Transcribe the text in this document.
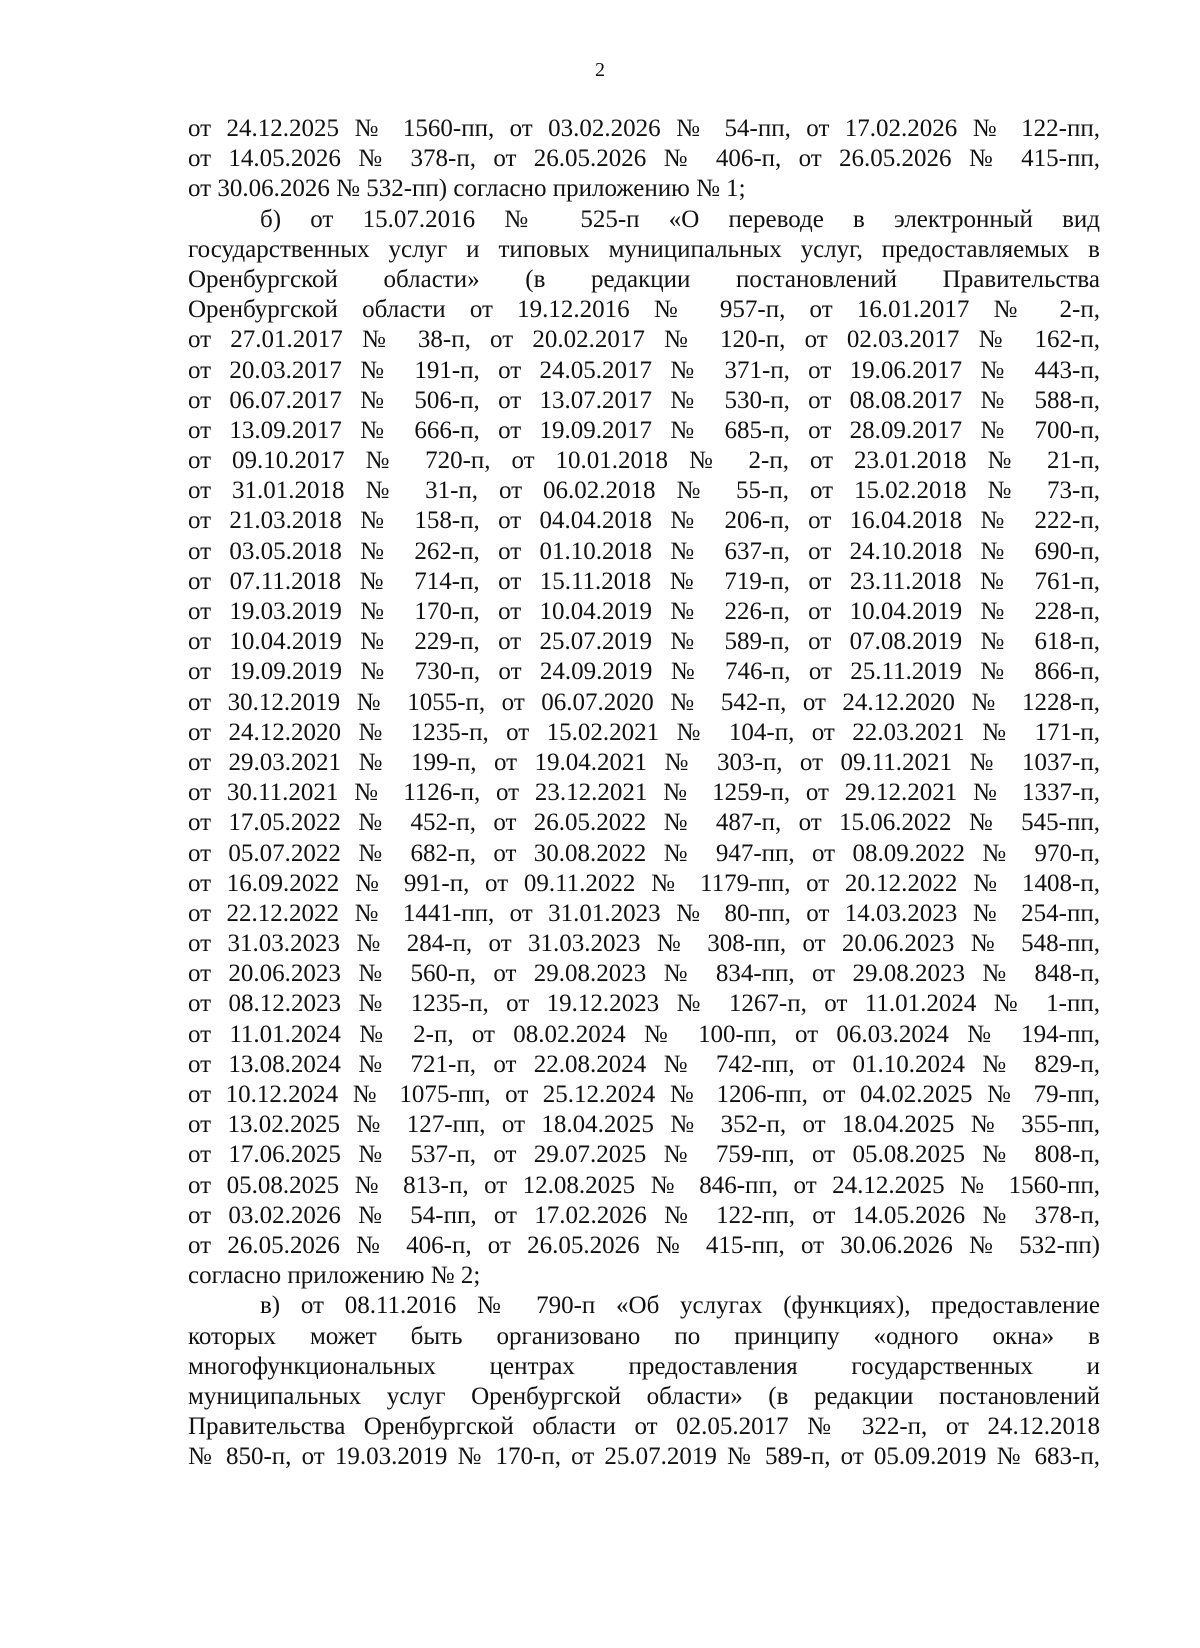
2
от 24.12.2025 № 1560-пп, от 03.02.2026 № 54-пп, от 17.02.2026 № 122-пп,
от 14.05.2026 № 378-п, от 26.05.2026 № 406-п, от 26.05.2026 № 415-пп,
от 30.06.2026 № 532-пп) согласно приложению № 1;
б) от 15.07.2016 № 525-п «О переводе в электронный вид
государственных услуг и типовых муниципальных услуг, предоставляемых в
Оренбургской области» (в редакции постановлений Правительства
Оренбургской области от 19.12.2016 № 957-п, от 16.01.2017 № 2-п,
от 27.01.2017 № 38-п, от 20.02.2017 № 120-п, от 02.03.2017 № 162-п,
от 20.03.2017 № 191-п, от 24.05.2017 № 371-п, от 19.06.2017 № 443-п,
от 06.07.2017 № 506-п, от 13.07.2017 № 530-п, от 08.08.2017 № 588-п,
от 13.09.2017 № 666-п, от 19.09.2017 № 685-п, от 28.09.2017 № 700-п,
от 09.10.2017 № 720-п, от 10.01.2018 № 2-п, от 23.01.2018 № 21-п,
от 31.01.2018 № 31-п, от 06.02.2018 № 55-п, от 15.02.2018 № 73-п,
от 21.03.2018 № 158-п, от 04.04.2018 № 206-п, от 16.04.2018 № 222-п,
от 03.05.2018 № 262-п, от 01.10.2018 № 637-п, от 24.10.2018 № 690-п,
от 07.11.2018 № 714-п, от 15.11.2018 № 719-п, от 23.11.2018 № 761-п,
от 19.03.2019 № 170-п, от 10.04.2019 № 226-п, от 10.04.2019 № 228-п,
от 10.04.2019 № 229-п, от 25.07.2019 № 589-п, от 07.08.2019 № 618-п,
от 19.09.2019 № 730-п, от 24.09.2019 № 746-п, от 25.11.2019 № 866-п,
от 30.12.2019 № 1055-п, от 06.07.2020 № 542-п, от 24.12.2020 № 1228-п,
от 24.12.2020 № 1235-п, от 15.02.2021 № 104-п, от 22.03.2021 № 171-п,
от 29.03.2021 № 199-п, от 19.04.2021 № 303-п, от 09.11.2021 № 1037-п,
от 30.11.2021 № 1126-п, от 23.12.2021 № 1259-п, от 29.12.2021 № 1337-п,
от 17.05.2022 № 452-п, от 26.05.2022 № 487-п, от 15.06.2022 № 545-пп,
от 05.07.2022 № 682-п, от 30.08.2022 № 947-пп, от 08.09.2022 № 970-п,
от 16.09.2022 № 991-п, от 09.11.2022 № 1179-пп, от 20.12.2022 № 1408-п,
от 22.12.2022 № 1441-пп, от 31.01.2023 № 80-пп, от 14.03.2023 № 254-пп,
от 31.03.2023 № 284-п, от 31.03.2023 № 308-пп, от 20.06.2023 № 548-пп,
от 20.06.2023 № 560-п, от 29.08.2023 № 834-пп, от 29.08.2023 № 848-п,
от 08.12.2023 № 1235-п, от 19.12.2023 № 1267-п, от 11.01.2024 № 1-пп,
от 11.01.2024 № 2-п, от 08.02.2024 № 100-пп, от 06.03.2024 № 194-пп,
от 13.08.2024 № 721-п, от 22.08.2024 № 742-пп, от 01.10.2024 № 829-п,
от 10.12.2024 № 1075-пп, от 25.12.2024 № 1206-пп, от 04.02.2025 № 79-пп,
от 13.02.2025 № 127-пп, от 18.04.2025 № 352-п, от 18.04.2025 № 355-пп,
от 17.06.2025 № 537-п, от 29.07.2025 № 759-пп, от 05.08.2025 № 808-п,
от 05.08.2025 № 813-п, от 12.08.2025 № 846-пп, от 24.12.2025 № 1560-пп,
от 03.02.2026 № 54-пп, от 17.02.2026 № 122-пп, от 14.05.2026 № 378-п,
от 26.05.2026 № 406-п, от 26.05.2026 № 415-пп, от 30.06.2026 № 532-пп)
согласно приложению № 2;
в) от 08.11.2016 № 790-п «Об услугах (функциях), предоставление
которых может быть организовано по принципу «одного окна» в
многофункциональных центрах предоставления государственных и
муниципальных услуг Оренбургской области» (в редакции постановлений
Правительства Оренбургской области от 02.05.2017 № 322-п, от 24.12.2018
№ 850-п, от 19.03.2019 № 170-п, от 25.07.2019 № 589-п, от 05.09.2019 № 683-п,
